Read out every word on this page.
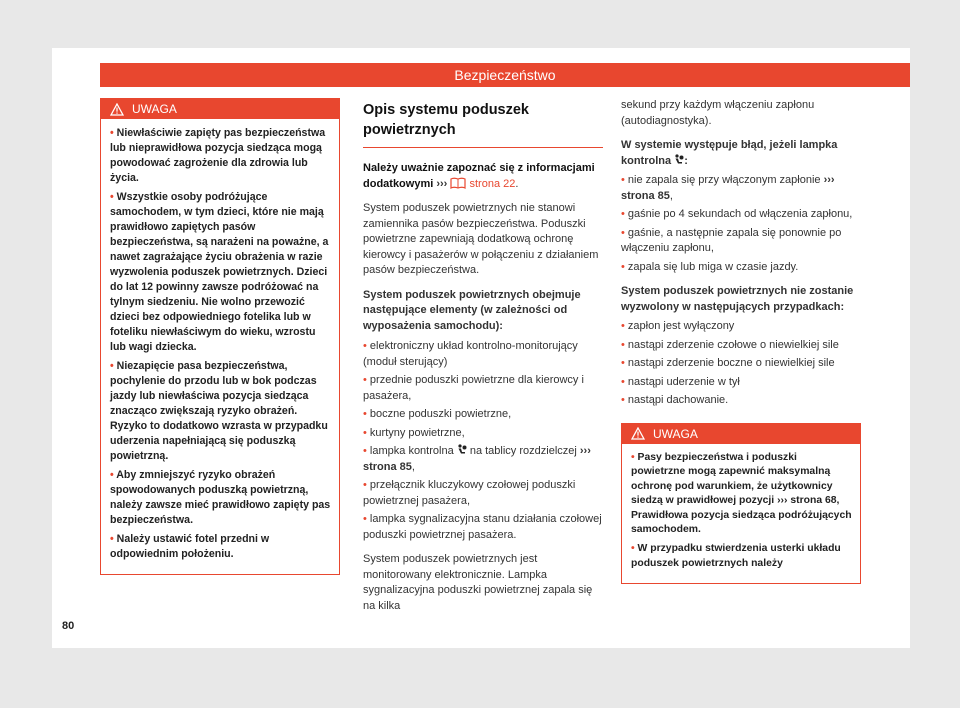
Bezpieczeństwo
UWAGA

• Niewłaściwie zapięty pas bezpieczeństwa lub nieprawidłowa pozycja siedząca mogą powodować zagrożenie dla zdrowia lub życia.

• Wszystkie osoby podróżujące samochodem, w tym dzieci, które nie mają prawidłowo zapiętych pasów bezpieczeństwa, są narażeni na poważne, a nawet zagrażające życiu obrażenia w razie wyzwolenia poduszek powietrznych. Dzieci do lat 12 powinny zawsze podróżować na tylnym siedzeniu. Nie wolno przewozić dzieci bez odpowiedniego fotelika lub w foteliku niewłaściwym do wieku, wzrostu lub wagi dziecka.

• Niezapięcie pasa bezpieczeństwa, pochylenie do przodu lub w bok podczas jazdy lub niewłaściwa pozycja siedząca znacząco zwiększają ryzyko obrażeń. Ryzyko to dodatkowo wzrasta w przypadku uderzenia napełniającą się poduszką powietrzną.

• Aby zmniejszyć ryzyko obrażeń spowodowanych poduszką powietrzną, należy zawsze mieć prawidłowo zapięty pas bezpieczeństwa.

• Należy ustawić fotel przedni w odpowiednim położeniu.

Opis systemu poduszek powietrznych

Należy uważnie zapoznać się z informacjami dodatkowymi ››› strona 22.

System poduszek powietrznych nie stanowi zamiennika pasów bezpieczeństwa. Poduszki powietrzne zapewniają dodatkową ochronę kierowcy i pasażerów w połączeniu z działaniem pasów bezpieczeństwa.

System poduszek powietrznych obejmuje następujące elementy (w zależności od wyposażenia samochodu):

• elektroniczny układ kontrolno-monitorujący (moduł sterujący)
• przednie poduszki powietrzne dla kierowcy i pasażera,
• boczne poduszki powietrzne,
• kurtyny powietrzne,
• lampka kontrolna na tablicy rozdzielczej ››› strona 85,
• przełącznik kluczykowy czołowej poduszki powietrznej pasażera,
• lampka sygnalizacyjna stanu działania czołowej poduszki powietrznej pasażera.

System poduszek powietrznych jest monitorowany elektronicznie. Lampka sygnalizacyjna poduszki powietrznej zapala się na kilka

sekund przy każdym włączeniu zapłonu (autodiagnostyka).

W systemie występuje błąd, jeżeli lampka kontrolna :

• nie zapala się przy włączonym zapłonie ››› strona 85,
• gaśnie po 4 sekundach od włączenia zapłonu,
• gaśnie, a następnie zapala się ponownie po włączeniu zapłonu,
• zapala się lub miga w czasie jazdy.

System poduszek powietrznych nie zostanie wyzwolony w następujących przypadkach:

• zapłon jest wyłączony
• nastąpi zderzenie czołowe o niewielkiej sile
• nastąpi zderzenie boczne o niewielkiej sile
• nastąpi uderzenie w tył
• nastąpi dachowanie.
UWAGA

• Pasy bezpieczeństwa i poduszki powietrzne mogą zapewnić maksymalną ochronę pod warunkiem, że użytkownicy siedzą w prawidłowej pozycji ››› strona 68, Prawidłowa pozycja siedząca podróżujących samochodem.

• W przypadku stwierdzenia usterki układu poduszek powietrznych należy

80
